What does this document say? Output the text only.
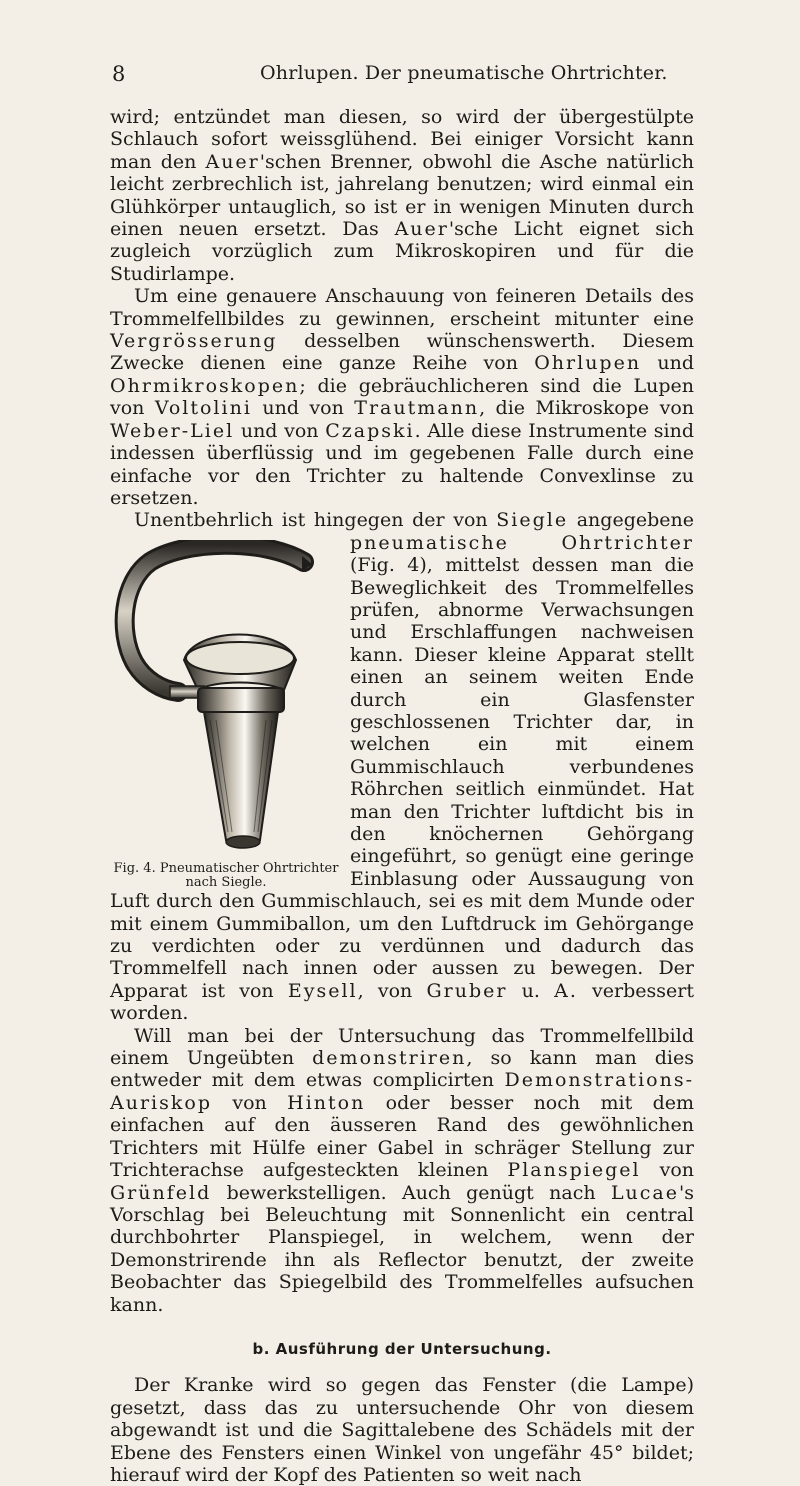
8	Ohrlupen. Der pneumatische Ohrtrichter.

wird; entzündet man diesen, so wird der übergestülpte Schlauch sofort weissglühend. Bei einiger Vorsicht kann man den Auer'schen Brenner, obwohl die Asche natürlich leicht zerbrechlich ist, jahrelang benutzen; wird einmal ein Glühkörper untauglich, so ist er in wenigen Minuten durch einen neuen ersetzt. Das Auer'sche Licht eignet sich zugleich vorzüglich zum Mikroskopiren und für die Studirlampe.

Um eine genauere Anschauung von feineren Details des Trommelfellbildes zu gewinnen, erscheint mitunter eine Vergrösserung desselben wünschenswerth. Diesem Zwecke dienen eine ganze Reihe von Ohrlupen und Ohrmikroskopen; die gebräuchlicheren sind die Lupen von Voltolini und von Trautmann, die Mikroskope von Weber-Liel und von Czapski. Alle diese Instrumente sind indessen überflüssig und im gegebenen Falle durch eine einfache vor den Trichter zu haltende Convexlinse zu ersetzen.

Unentbehrlich ist hingegen der von Siegle angegebene pneumatische Ohrtrichter
(Fig. 4), mittelst dessen man die Beweglichkeit des Trommelfelles prüfen, abnorme Verwachsungen und Erschlaffungen nachweisen kann. Dieser kleine Apparat stellt einen an seinem weiten Ende durch ein Glasfenster geschlossenen Trichter dar, in welchen ein mit einem Gummischlauch verbundenes Röhrchen seitlich einmündet. Hat man den Trichter luftdicht bis in den knöchernen Gehörgang eingeführt, so genügt eine geringe Einblasung oder Aussaugung von Luft durch den Gummischlauch, sei es mit dem Munde oder mit einem Gummiballon, um den Luftdruck im Gehörgange zu verdichten oder zu verdünnen und dadurch das Trommelfell nach innen oder aussen zu bewegen. Der Apparat ist von Eysell, von Gruber u. A. verbessert worden.

Will man bei der Untersuchung das Trommelfellbild einem Ungeübten demonstriren, so kann man dies entweder mit dem etwas complicirten Demonstrations-Auriskop von Hinton oder besser noch mit dem einfachen auf den äusseren Rand des gewöhnlichen Trichters mit Hülfe einer Gabel in schräger Stellung zur Trichterachse aufgesteckten kleinen Planspiegel von Grünfeld bewerkstelligen. Auch genügt nach Lucae's Vorschlag bei Beleuchtung mit Sonnenlicht ein central durchbohrter Planspiegel, in welchem, wenn der Demonstrirende ihn als Reflector benutzt, der zweite Beobachter das Spiegelbild des Trommelfelles aufsuchen kann.

b. Ausführung der Untersuchung.

Der Kranke wird so gegen das Fenster (die Lampe) gesetzt, dass das zu untersuchende Ohr von diesem abgewandt ist und die Sagittalebene des Schädels mit der Ebene des Fensters einen Winkel von ungefähr 45° bildet; hierauf wird der Kopf des Patienten so weit nach

Fig. 4. Pneumatischer Ohrtrichter nach Siegle.
